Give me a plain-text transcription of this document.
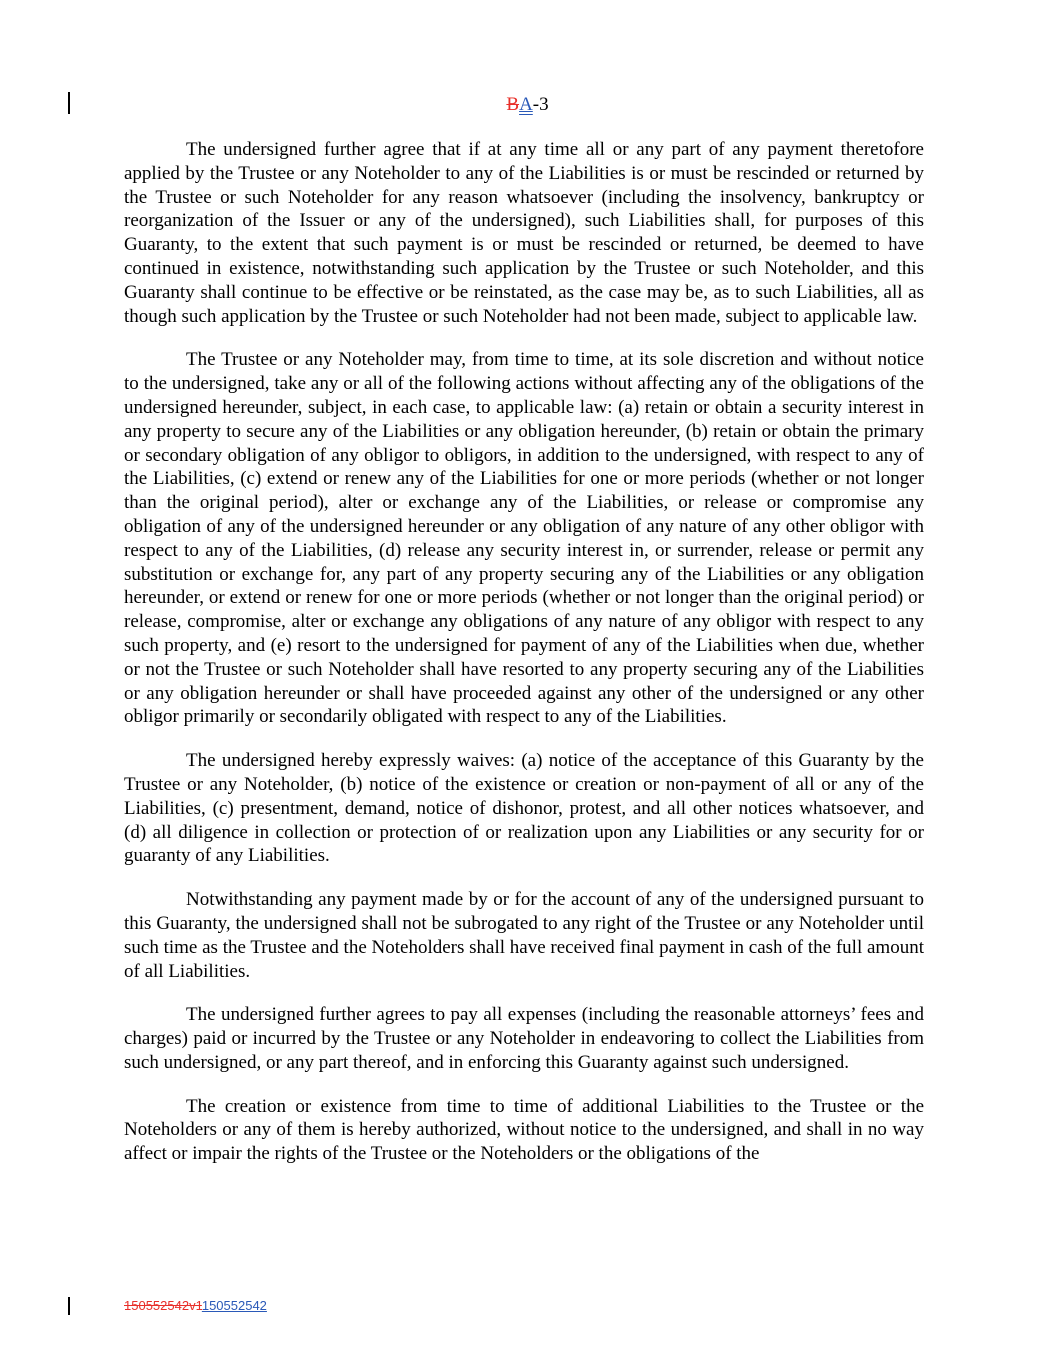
BA-3

The undersigned further agree that if at any time all or any part of any payment theretofore applied by the Trustee or any Noteholder to any of the Liabilities is or must be rescinded or returned by the Trustee or such Noteholder for any reason whatsoever (including the insolvency, bankruptcy or reorganization of the Issuer or any of the undersigned), such Liabilities shall, for purposes of this Guaranty, to the extent that such payment is or must be rescinded or returned, be deemed to have continued in existence, notwithstanding such application by the Trustee or such Noteholder, and this Guaranty shall continue to be effective or be reinstated, as the case may be, as to such Liabilities, all as though such application by the Trustee or such Noteholder had not been made, subject to applicable law.

The Trustee or any Noteholder may, from time to time, at its sole discretion and without notice to the undersigned, take any or all of the following actions without affecting any of the obligations of the undersigned hereunder, subject, in each case, to applicable law: (a) retain or obtain a security interest in any property to secure any of the Liabilities or any obligation hereunder, (b) retain or obtain the primary or secondary obligation of any obligor to obligors, in addition to the undersigned, with respect to any of the Liabilities, (c) extend or renew any of the Liabilities for one or more periods (whether or not longer than the original period), alter or exchange any of the Liabilities, or release or compromise any obligation of any of the undersigned hereunder or any obligation of any nature of any other obligor with respect to any of the Liabilities, (d) release any security interest in, or surrender, release or permit any substitution or exchange for, any part of any property securing any of the Liabilities or any obligation hereunder, or extend or renew for one or more periods (whether or not longer than the original period) or release, compromise, alter or exchange any obligations of any nature of any obligor with respect to any such property, and (e) resort to the undersigned for payment of any of the Liabilities when due, whether or not the Trustee or such Noteholder shall have resorted to any property securing any of the Liabilities or any obligation hereunder or shall have proceeded against any other of the undersigned or any other obligor primarily or secondarily obligated with respect to any of the Liabilities.

The undersigned hereby expressly waives: (a) notice of the acceptance of this Guaranty by the Trustee or any Noteholder, (b) notice of the existence or creation or non-payment of all or any of the Liabilities, (c) presentment, demand, notice of dishonor, protest, and all other notices whatsoever, and (d) all diligence in collection or protection of or realization upon any Liabilities or any security for or guaranty of any Liabilities.

Notwithstanding any payment made by or for the account of any of the undersigned pursuant to this Guaranty, the undersigned shall not be subrogated to any right of the Trustee or any Noteholder until such time as the Trustee and the Noteholders shall have received final payment in cash of the full amount of all Liabilities.

The undersigned further agrees to pay all expenses (including the reasonable attorneys’ fees and charges) paid or incurred by the Trustee or any Noteholder in endeavoring to collect the Liabilities from such undersigned, or any part thereof, and in enforcing this Guaranty against such undersigned.

The creation or existence from time to time of additional Liabilities to the Trustee or the Noteholders or any of them is hereby authorized, without notice to the undersigned, and shall in no way affect or impair the rights of the Trustee or the Noteholders or the obligations of the

150552542v1150552542
